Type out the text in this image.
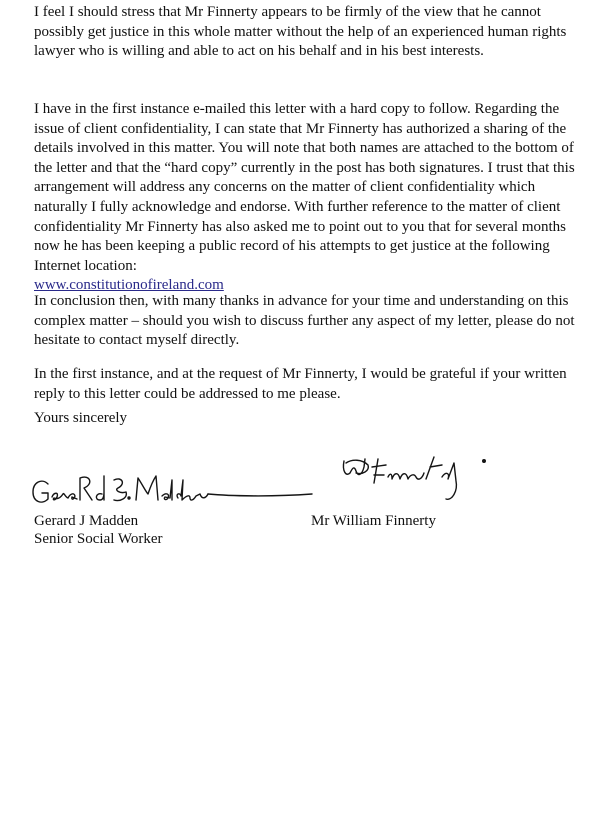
I feel I should stress that Mr Finnerty appears to be firmly of the view that he cannot possibly get justice in this whole matter without the help of an experienced human rights lawyer who is willing and able to act on his behalf and in his best interests.

I have in the first instance e-mailed this letter with a hard copy to follow. Regarding the issue of client confidentiality, I can state that Mr Finnerty has authorized a sharing of the details involved in this matter. You will note that both names are attached to the bottom of the letter and that the “hard copy” currently in the post has both signatures. I trust that this arrangement will address any concerns on the matter of client confidentiality which naturally I fully acknowledge and endorse. With further reference to the matter of client confidentiality Mr Finnerty has also asked me to point out to you that for several months now he has been keeping a public record of his attempts to get justice at the following Internet location:
www.constitutionofireland.com

In conclusion then, with many thanks in advance for your time and understanding on this complex matter – should you wish to discuss further any aspect of my letter, please do not hesitate to contact myself directly.

In the first instance, and at the request of Mr Finnerty, I would be grateful if your written reply to this letter could be addressed to me please.

Yours sincerely

Gerard J Madden

Senior Social Worker

Mr William Finnerty
